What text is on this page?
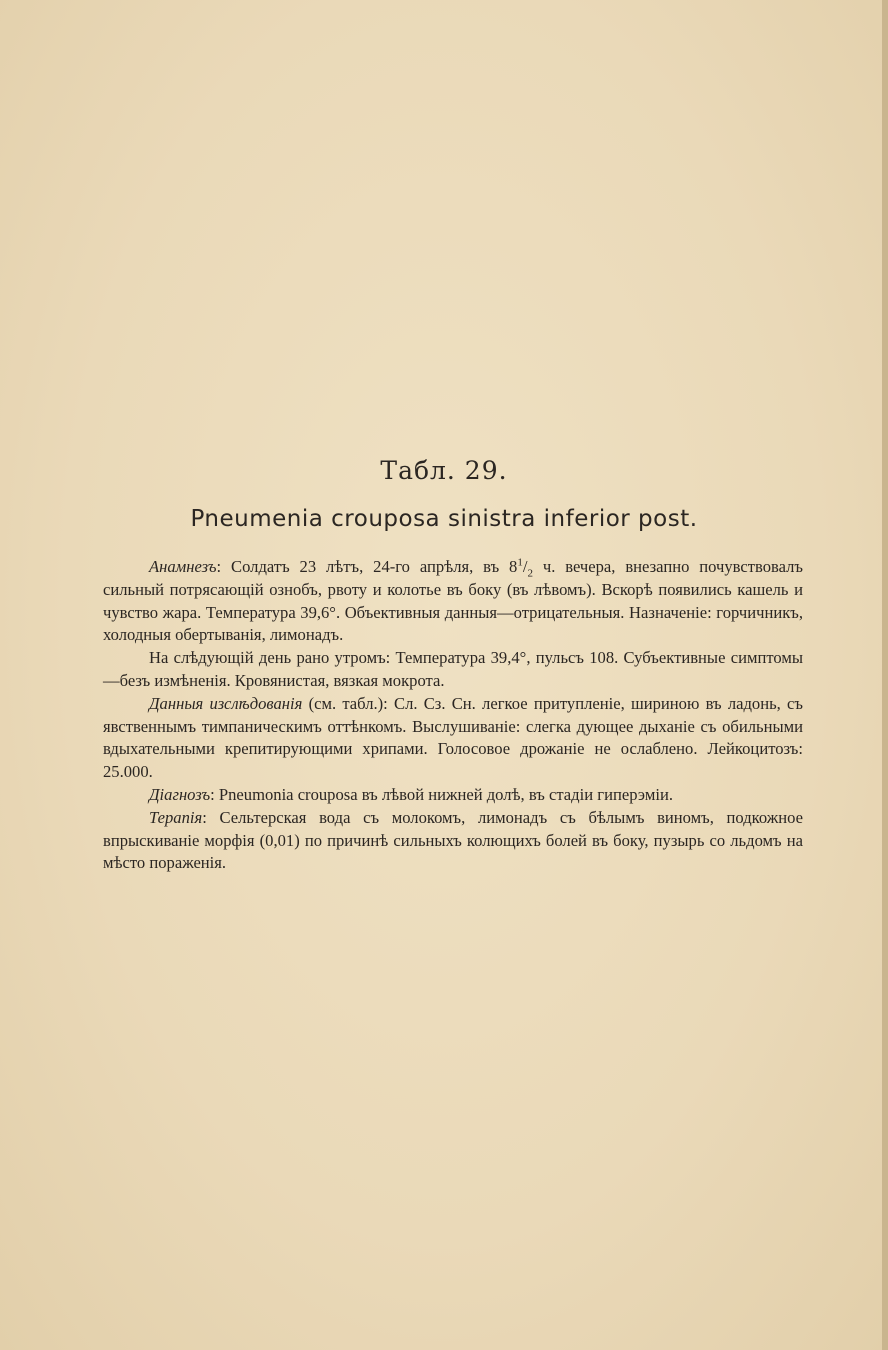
Табл. 29.
Pneumenia crouposa sinistra inferior post.

Анамнезъ: Солдатъ 23 лѣтъ, 24-го апрѣля, въ $8^1/_2$ ч. вечера, внезапно почувствовалъ сильный потрясающій ознобъ, рвоту и колотье въ боку (въ лѣвомъ). Вскорѣ появились кашель и чувство жара. Температура 39,6°. Объективныя данныя—отрицательныя. Назначеніе: горчичникъ, холодныя обертыванія, лимонадъ.

На слѣдующій день рано утромъ: Температура 39,4°, пульсъ 108. Субъективные симптомы—безъ измѣненія. Кровянистая, вязкая мокрота.

Данныя изслѣдованія (см. табл.): Сл. Сз. Сн. легкое притупленіе, шириною въ ладонь, съ явственнымъ тимпаническимъ оттѣнкомъ. Выслушиваніе: слегка дующее дыханіе съ обильными вдыхательными крепитирующими хрипами. Голосовое дрожаніе не ослаблено. Лейкоцитозъ: 25.000.

Діагнозъ: Pneumonia crouposa въ лѣвой нижней долѣ, въ стадіи гиперэміи.

Терапія: Сельтерская вода съ молокомъ, лимонадъ съ бѣлымъ виномъ, подкожное впрыскиваніе морфія (0,01) по причинѣ сильныхъ колющихъ болей въ боку, пузырь со льдомъ на мѣсто пораженія.
